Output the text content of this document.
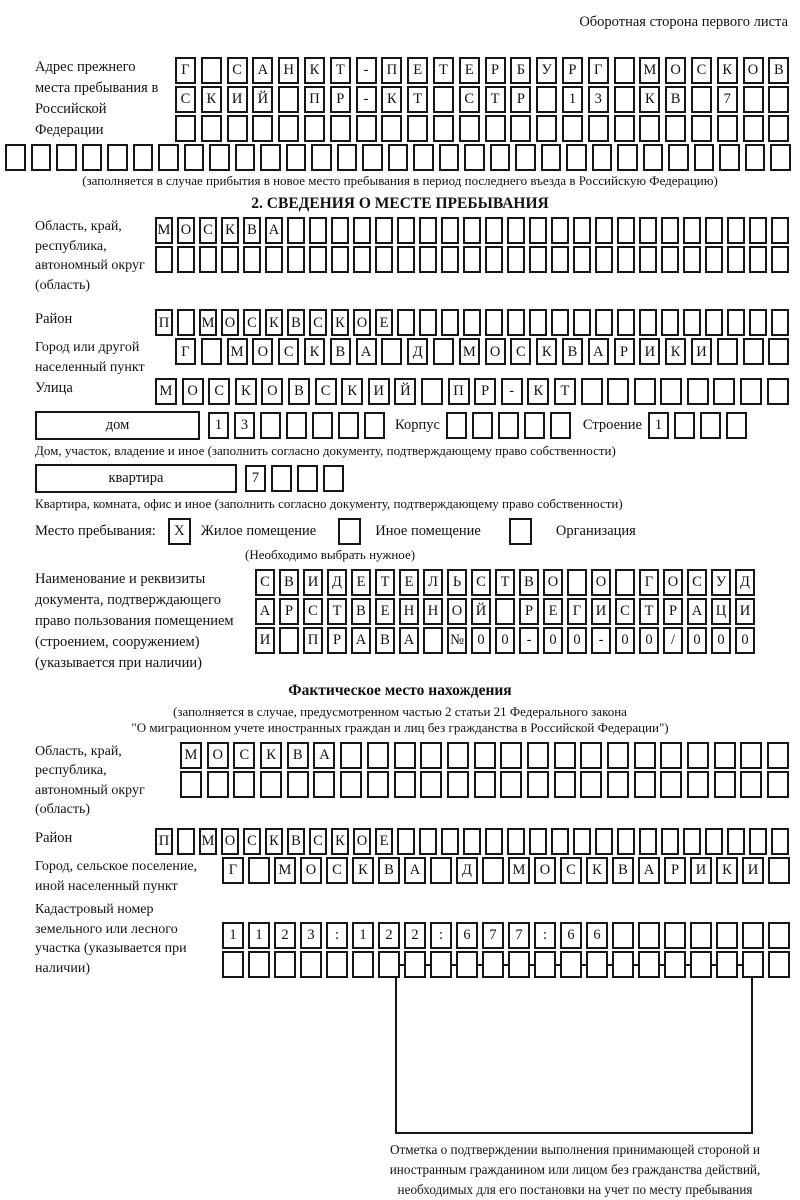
Оборотная сторона первого листа
Адрес прежнего места пребывания в Российской Федерации
Г	С	А	Н	К	Т	-	П	Е	Т	Е	Р	Б	У	Р	Г	М О	С	К	О	В
С	К	И	Й	П	Р	-	К	Т	С	Т	Р	1	3	К	В	7
(заполняется в случае прибытия в новое место пребывания в период последнего въезда в Российскую Федерацию)
2. СВЕДЕНИЯ О МЕСТЕ ПРЕБЫВАНИЯ
Область, край, республика, автономный округ (область)
М О С К В А
Район	П М О С К В С К О Е
Город или другой населенный пункт
Г	М О	С	К	В	А	Д	М О	С	К	В	А	Р	И	К	И
Улица	М	О	С	К	О	В	С	К	И	Й	П	Р	-	К	Т
дом	1	3	Корпус	Строение 1
Дом, участок, владение и иное (заполнить согласно документу, подтверждающему право собственности)
квартира	7
Квартира, комната, офис и иное (заполнить согласно документу, подтверждающему право собственности)
Место пребывания:	X	Жилое помещение	Иное помещение	Организация
(Необходимо выбрать нужное)
Наименование и реквизиты документа, подтверждающего право пользования помещением (строением, сооружением) (указывается при наличии)
С В И Д	Е	Т	Е	Л	Ь	С	Т	В О	О	Г	О С У Д
А	Р	С	Т	В	Е Н Н О Й	Р	Е	Г	И С	Т	Р	А Ц И
И	П	Р	А В А	№ 0	0	-	0	0	-	0	0	/	0	0	0
Фактическое место нахождения
(заполняется в случае, предусмотренном частью 2 статьи 21 Федерального закона
"О миграционном учете иностранных граждан и лиц без гражданства в Российской Федерации")
Область, край, республика, автономный округ (область)
М	О	С	К	В	А
Район	П М О С К В С К О Е
Город, сельское поселение, иной населенный пункт
Г	М О	С	К	В	А	Д	М О	С	К	В	А	Р	И	К	И
Кадастровый номер земельного или лесного участка (указывается при наличии)
1	1	2	3	:	1	2	2	:	6	7	7	:	6	6
Отметка о подтверждении выполнения принимающей стороной и иностранным гражданином или лицом без гражданства действий, необходимых для его постановки на учет по месту пребывания
